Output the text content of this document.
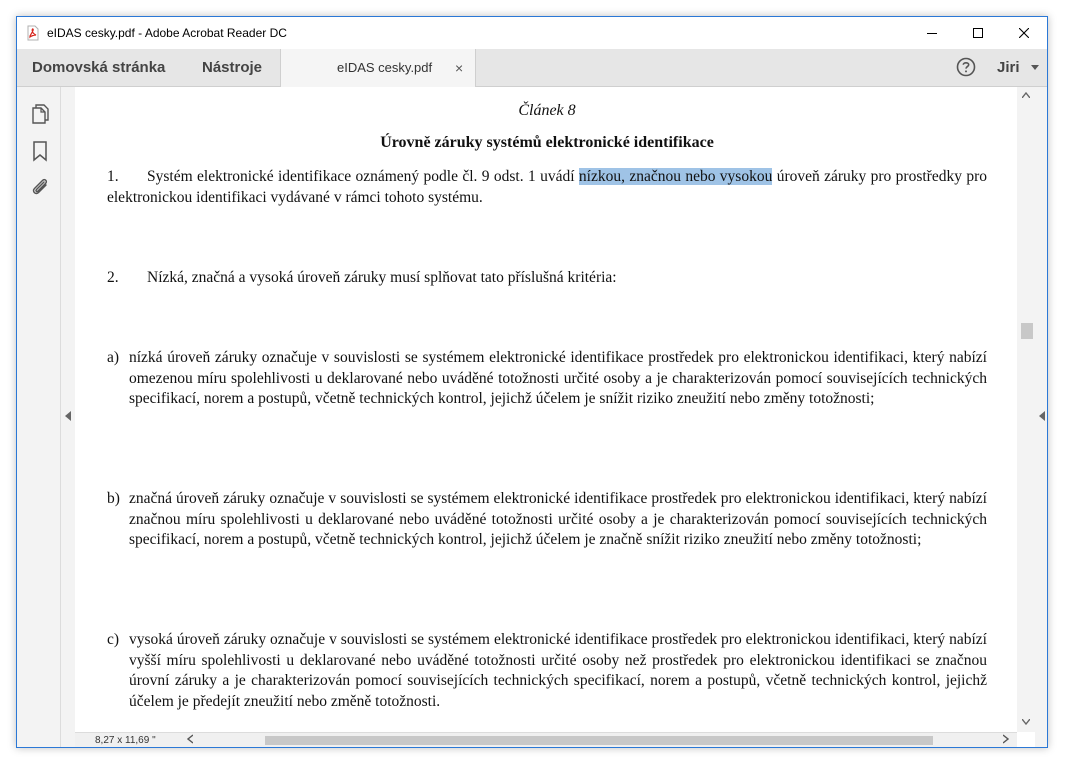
eIDAS cesky.pdf - Adobe Acrobat Reader DC
Domovská stránka Nástroje	eIDAS cesky.pdf ×	Jiri
Článek 8
Úrovně záruky systémů elektronické identifikace
1. Systém elektronické identifikace oznámený podle čl. 9 odst. 1 uvádí nízkou, značnou nebo vysokou úroveň záruky pro prostředky pro elektronickou identifikaci vydávané v rámci tohoto systému.
2. Nízká, značná a vysoká úroveň záruky musí splňovat tato příslušná kritéria:
a) nízká úroveň záruky označuje v souvislosti se systémem elektronické identifikace prostředek pro elektronickou identifikaci, který nabízí omezenou míru spolehlivosti u deklarované nebo uváděné totožnosti určité osoby a je charakterizován pomocí souvisejících technických specifikací, norem a postupů, včetně technických kontrol, jejichž účelem je snížit riziko zneužití nebo změny totožnosti;
b) značná úroveň záruky označuje v souvislosti se systémem elektronické identifikace prostředek pro elektronickou identifikaci, který nabízí značnou míru spolehlivosti u deklarované nebo uváděné totožnosti určité osoby a je charakterizován pomocí souvisejících technických specifikací, norem a postupů, včetně technických kontrol, jejichž účelem je značně snížit riziko zneužití nebo změny totožnosti;
c) vysoká úroveň záruky označuje v souvislosti se systémem elektronické identifikace prostředek pro elektronickou identifikaci, který nabízí vyšší míru spolehlivosti u deklarované nebo uváděné totožnosti určité osoby než prostředek pro elektronickou identifikaci se značnou úrovní záruky a je charakterizován pomocí souvisejících technických specifikací, norem a postupů, včetně technických kontrol, jejichž účelem je předejít zneužití nebo změně totožnosti.
8,27 x 11,69 "
